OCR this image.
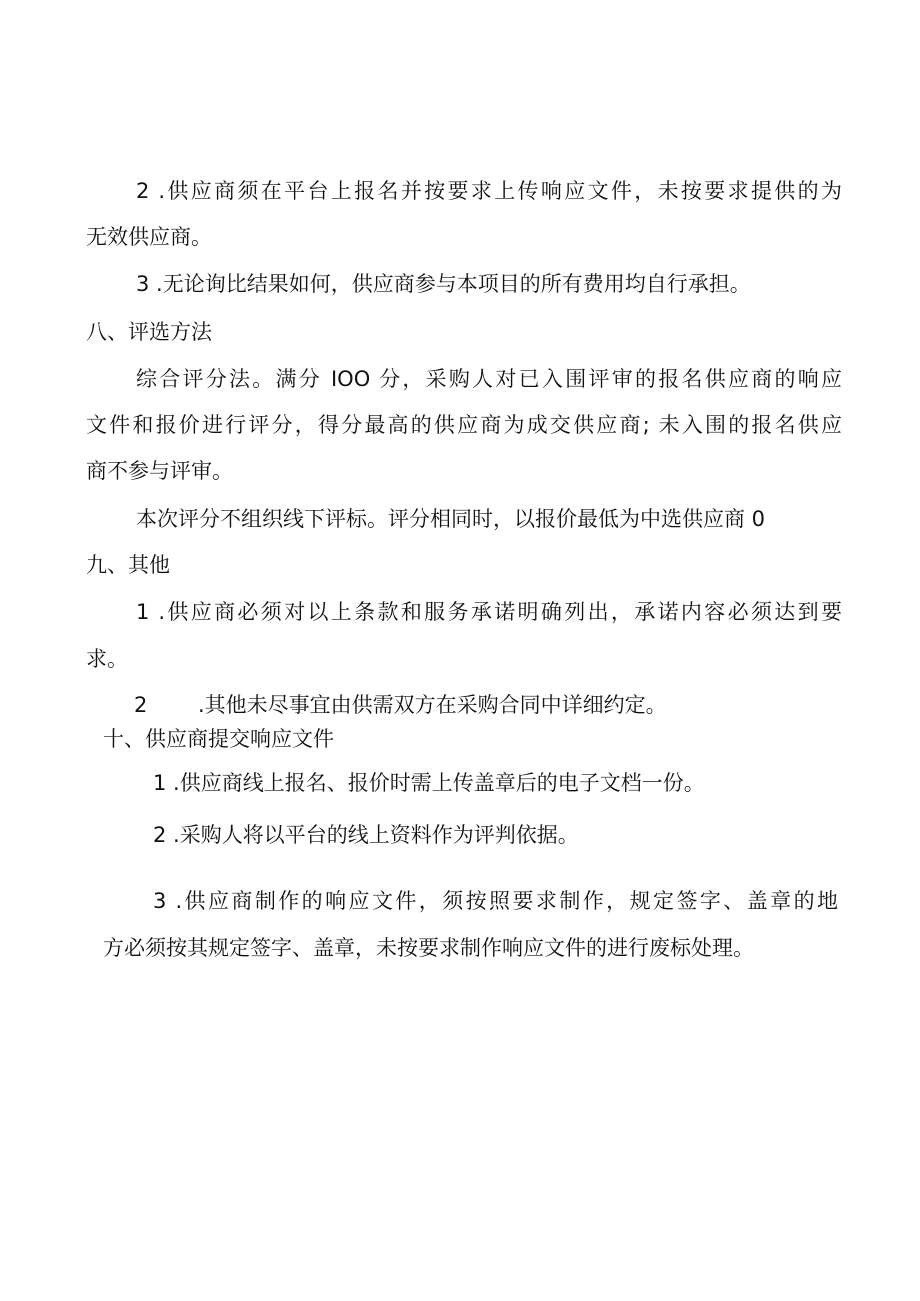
2 .供应商须在平台上报名并按要求上传响应文件，未按要求提供的为
无效供应商。
3 .无论询比结果如何，供应商参与本项目的所有费用均自行承担。
八、评选方法
综合评分法。满分 IOO 分，采购人对已入围评审的报名供应商的响应
文件和报价进行评分，得分最高的供应商为成交供应商; 未入围的报名供应
商不参与评审。
本次评分不组织线下评标。评分相同时，以报价最低为中选供应商 0
九、其他
1 .供应商必须对以上条款和服务承诺明确列出，承诺内容必须达到要
求。
2 .其他未尽事宜由供需双方在采购合同中详细约定。
十、供应商提交响应文件
1 .供应商线上报名、报价时需上传盖章后的电子文档一份。
2 .采购人将以平台的线上资料作为评判依据。
3 .供应商制作的响应文件，须按照要求制作，规定签字、盖章的地
方必须按其规定签字、盖章，未按要求制作响应文件的进行废标处理。
